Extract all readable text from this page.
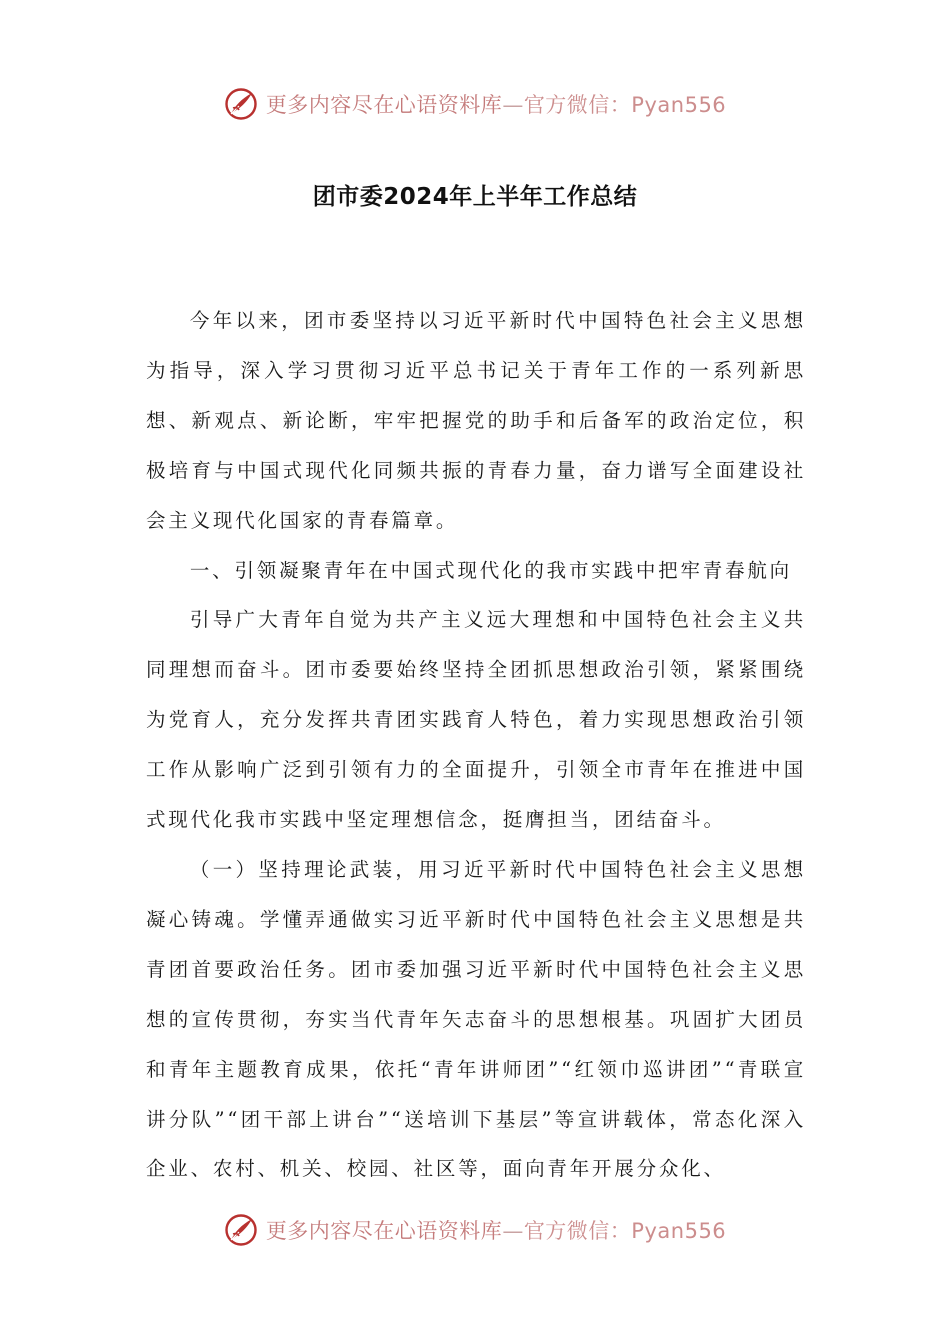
更多内容尽在心语资料库—官方微信：Pyan556
团市委2024年上半年工作总结

今年以来，团市委坚持以习近平新时代中国特色社会主义思想为指导，深入学习贯彻习近平总书记关于青年工作的一系列新思想、新观点、新论断，牢牢把握党的助手和后备军的政治定位，积极培育与中国式现代化同频共振的青春力量，奋力谱写全面建设社会主义现代化国家的青春篇章。

一、引领凝聚青年在中国式现代化的我市实践中把牢青春航向

引导广大青年自觉为共产主义远大理想和中国特色社会主义共同理想而奋斗。团市委要始终坚持全团抓思想政治引领，紧紧围绕为党育人，充分发挥共青团实践育人特色，着力实现思想政治引领工作从影响广泛到引领有力的全面提升，引领全市青年在推进中国式现代化我市实践中坚定理想信念，挺膺担当，团结奋斗。

（一）坚持理论武装，用习近平新时代中国特色社会主义思想凝心铸魂。学懂弄通做实习近平新时代中国特色社会主义思想是共青团首要政治任务。团市委加强习近平新时代中国特色社会主义思想的宣传贯彻，夯实当代青年矢志奋斗的思想根基。巩固扩大团员和青年主题教育成果，依托“青年讲师团”“红领巾巡讲团”“青联宣讲分队”“团干部上讲台”“送培训下基层”等宣讲载体，常态化深入企业、农村、机关、校园、社区等，面向青年开展分众化、

更多内容尽在心语资料库—官方微信：Pyan556
